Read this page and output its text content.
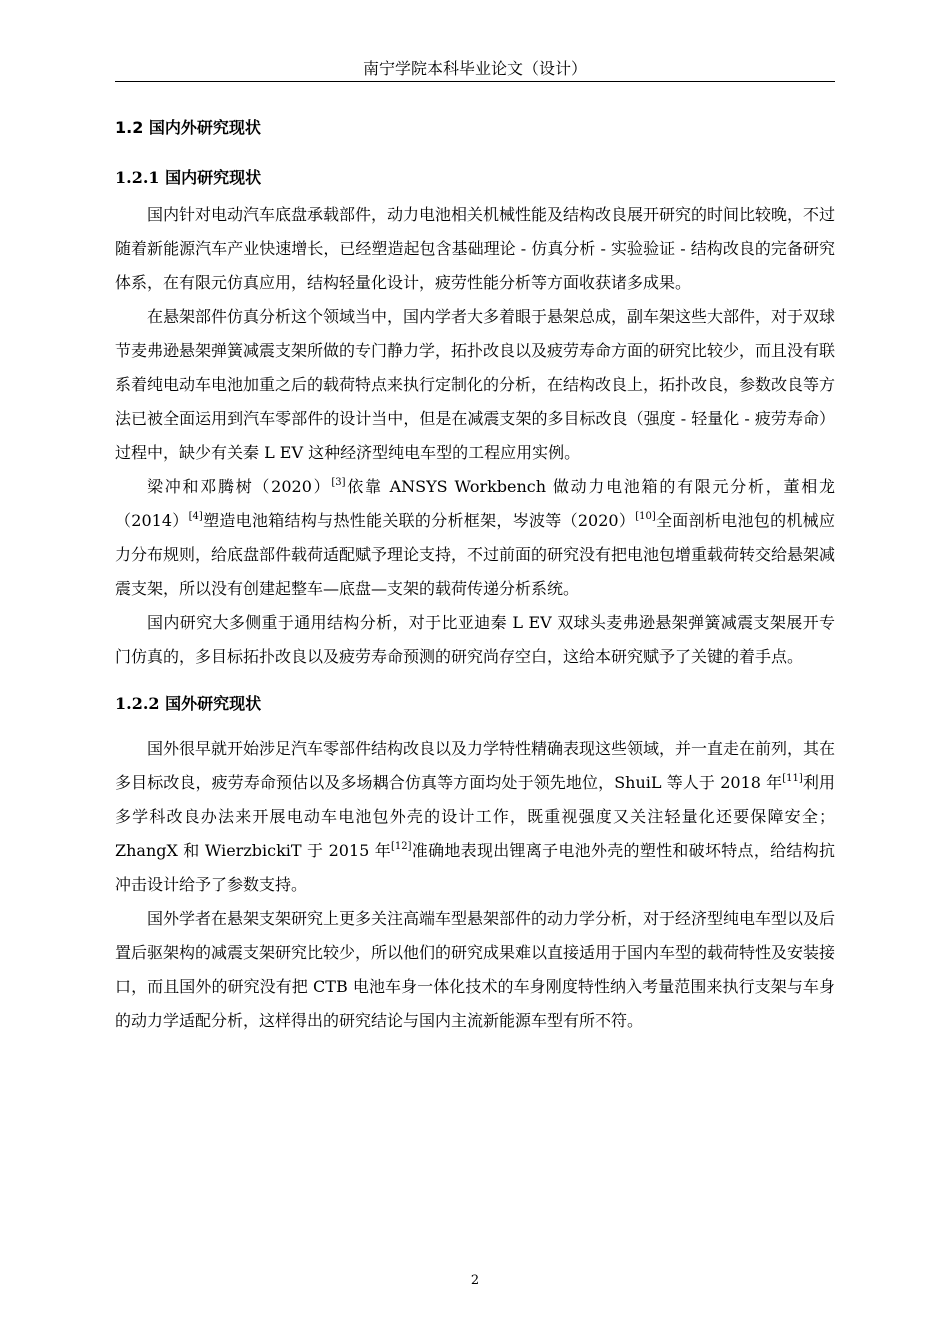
南宁学院本科毕业论文（设计）
1.2 国内外研究现状
1.2.1 国内研究现状

国内针对电动汽车底盘承载部件，动力电池相关机械性能及结构改良展开研究的时间比较晚，不过随着新能源汽车产业快速增长，已经塑造起包含基础理论 - 仿真分析 - 实验验证 - 结构改良的完备研究体系，在有限元仿真应用，结构轻量化设计，疲劳性能分析等方面收获诸多成果。

在悬架部件仿真分析这个领域当中，国内学者大多着眼于悬架总成，副车架这些大部件，对于双球节麦弗逊悬架弹簧减震支架所做的专门静力学，拓扑改良以及疲劳寿命方面的研究比较少，而且没有联系着纯电动车电池加重之后的载荷特点来执行定制化的分析，在结构改良上，拓扑改良，参数改良等方法已被全面运用到汽车零部件的设计当中，但是在减震支架的多目标改良（强度 - 轻量化 - 疲劳寿命）过程中，缺少有关秦 L EV 这种经济型纯电车型的工程应用实例。

梁冲和邓腾树（2020）[3]依靠 ANSYS Workbench 做动力电池箱的有限元分析，董相龙（2014）[4]塑造电池箱结构与热性能关联的分析框架，岑波等（2020）[10]全面剖析电池包的机械应力分布规则，给底盘部件载荷适配赋予理论支持，不过前面的研究没有把电池包增重载荷转交给悬架减震支架，所以没有创建起整车—底盘—支架的载荷传递分析系统。

国内研究大多侧重于通用结构分析，对于比亚迪秦 L EV 双球头麦弗逊悬架弹簧减震支架展开专门仿真的，多目标拓扑改良以及疲劳寿命预测的研究尚存空白，这给本研究赋予了关键的着手点。

1.2.2 国外研究现状

国外很早就开始涉足汽车零部件结构改良以及力学特性精确表现这些领域，并一直走在前列，其在多目标改良，疲劳寿命预估以及多场耦合仿真等方面均处于领先地位，ShuiL 等人于 2018 年[11]利用多学科改良办法来开展电动车电池包外壳的设计工作，既重视强度又关注轻量化还要保障安全；ZhangX 和 WierzbickiT 于 2015 年[12]准确地表现出锂离子电池外壳的塑性和破坏特点，给结构抗冲击设计给予了参数支持。

国外学者在悬架支架研究上更多关注高端车型悬架部件的动力学分析，对于经济型纯电车型以及后置后驱架构的减震支架研究比较少，所以他们的研究成果难以直接适用于国内车型的载荷特性及安装接口，而且国外的研究没有把 CTB 电池车身一体化技术的车身刚度特性纳入考量范围来执行支架与车身的动力学适配分析，这样得出的研究结论与国内主流新能源车型有所不符。

2
